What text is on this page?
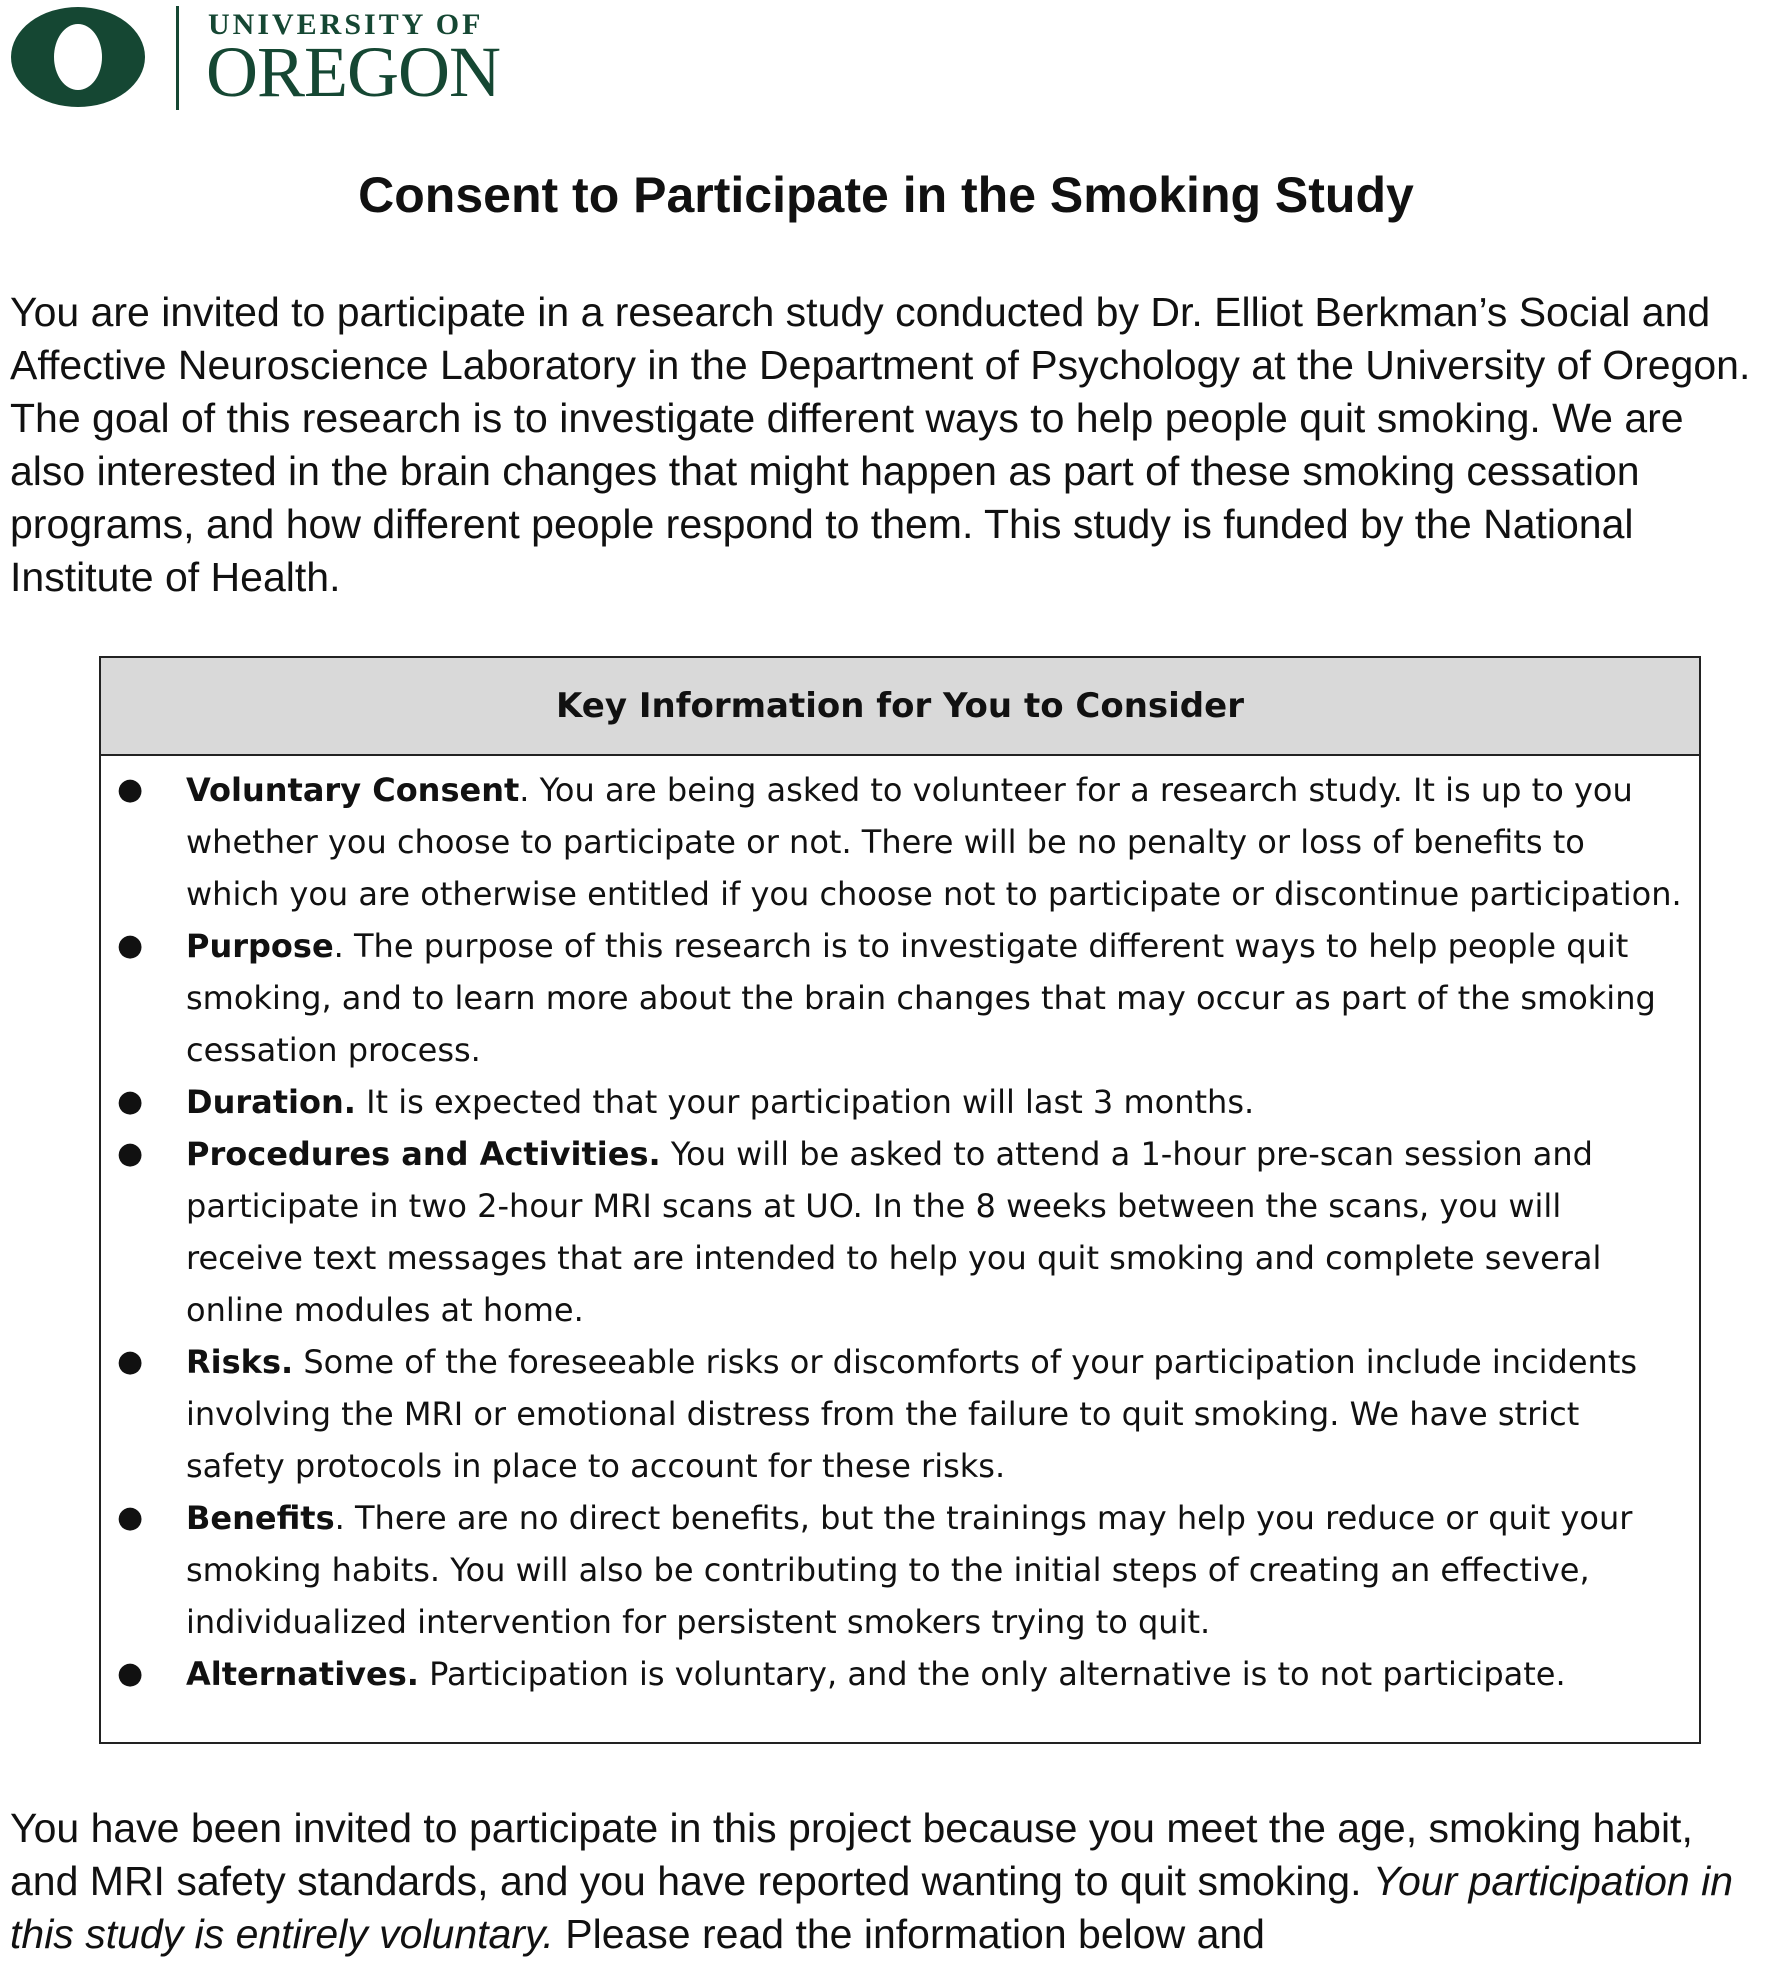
UNIVERSITY OF
OREGON
Consent to Participate in the Smoking Study

You are invited to participate in a research study conducted by Dr. Elliot Berkman’s Social and Affective Neuroscience Laboratory in the Department of Psychology at the University of Oregon. The goal of this research is to investigate different ways to help people quit smoking. We are also interested in the brain changes that might happen as part of these smoking cessation programs, and how different people respond to them. This study is funded by the National Institute of Health.

Key Information for You to Consider
● Voluntary Consent. You are being asked to volunteer for a research study. It is up to you whether you choose to participate or not. There will be no penalty or loss of benefits to which you are otherwise entitled if you choose not to participate or discontinue participation.
● Purpose. The purpose of this research is to investigate different ways to help people quit smoking, and to learn more about the brain changes that may occur as part of the smoking cessation process.
● Duration. It is expected that your participation will last 3 months.
● Procedures and Activities. You will be asked to attend a 1-hour pre-scan session and participate in two 2-hour MRI scans at UO. In the 8 weeks between the scans, you will receive text messages that are intended to help you quit smoking and complete several online modules at home.
● Risks. Some of the foreseeable risks or discomforts of your participation include incidents involving the MRI or emotional distress from the failure to quit smoking. We have strict safety protocols in place to account for these risks.
● Benefits. There are no direct benefits, but the trainings may help you reduce or quit your smoking habits. You will also be contributing to the initial steps of creating an effective, individualized intervention for persistent smokers trying to quit.
● Alternatives. Participation is voluntary, and the only alternative is to not participate.

You have been invited to participate in this project because you meet the age, smoking habit, and MRI safety standards, and you have reported wanting to quit smoking. Your participation in this study is entirely voluntary. Please read the information below and
